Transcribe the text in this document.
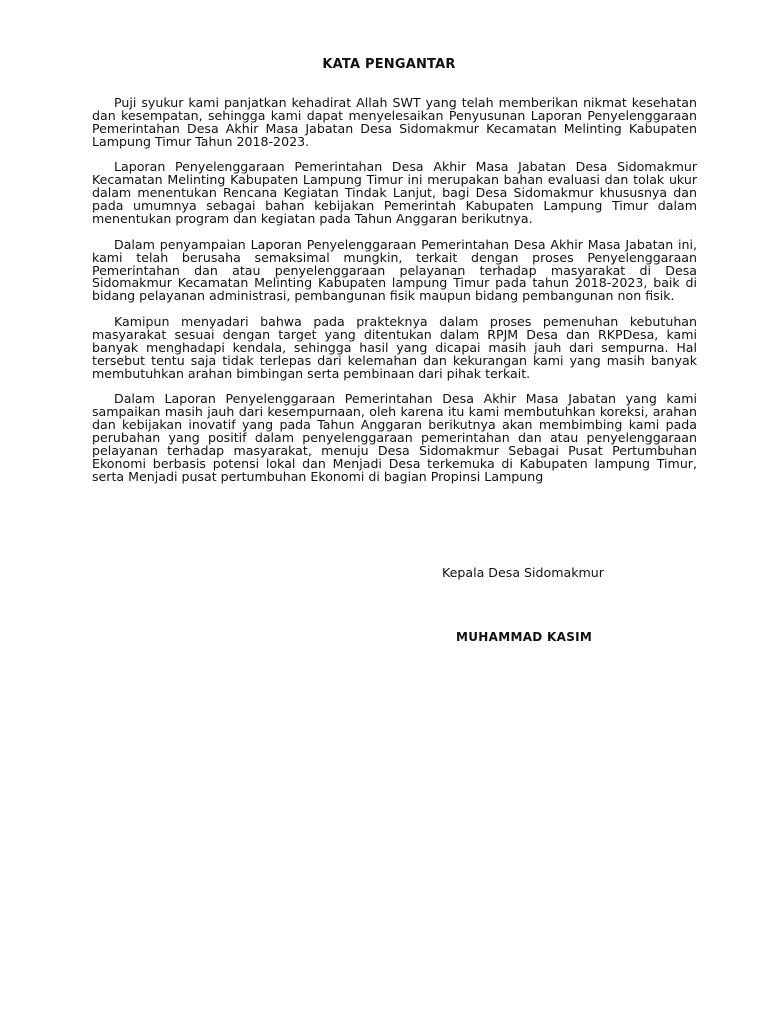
KATA PENGANTAR

Puji syukur kami panjatkan kehadirat Allah SWT yang telah memberikan nikmat kesehatan dan kesempatan, sehingga kami dapat menyelesaikan Penyusunan Laporan Penyelenggaraan Pemerintahan Desa Akhir Masa Jabatan Desa Sidomakmur Kecamatan Melinting Kabupaten Lampung Timur Tahun 2018-2023.

Laporan Penyelenggaraan Pemerintahan Desa Akhir Masa Jabatan Desa Sidomakmur Kecamatan Melinting Kabupaten Lampung Timur ini merupakan bahan evaluasi dan tolak ukur dalam menentukan Rencana Kegiatan Tindak Lanjut, bagi Desa Sidomakmur khususnya dan pada umumnya sebagai bahan kebijakan Pemerintah Kabupaten Lampung Timur dalam menentukan program dan kegiatan pada Tahun Anggaran berikutnya.

Dalam penyampaian Laporan Penyelenggaraan Pemerintahan Desa Akhir Masa Jabatan ini, kami telah berusaha semaksimal mungkin, terkait dengan proses Penyelenggaraan Pemerintahan dan atau penyelenggaraan pelayanan terhadap masyarakat di Desa Sidomakmur Kecamatan Melinting Kabupaten lampung Timur pada tahun 2018-2023, baik di bidang pelayanan administrasi, pembangunan fisik maupun bidang pembangunan non fisik.

Kamipun menyadari bahwa pada prakteknya dalam proses pemenuhan kebutuhan masyarakat sesuai dengan target yang ditentukan dalam RPJM Desa dan RKPDesa, kami banyak menghadapi kendala, sehingga hasil yang dicapai masih jauh dari sempurna. Hal tersebut tentu saja tidak terlepas dari kelemahan dan kekurangan kami yang masih banyak membutuhkan arahan bimbingan serta pembinaan dari pihak terkait.

Dalam Laporan Penyelenggaraan Pemerintahan Desa Akhir Masa Jabatan yang kami sampaikan masih jauh dari kesempurnaan, oleh karena itu kami membutuhkan koreksi, arahan dan kebijakan inovatif yang pada Tahun Anggaran berikutnya akan membimbing kami pada perubahan yang positif dalam penyelenggaraan pemerintahan dan atau penyelenggaraan pelayanan terhadap masyarakat, menuju Desa Sidomakmur Sebagai Pusat Pertumbuhan Ekonomi berbasis potensi lokal dan Menjadi Desa terkemuka di Kabupaten lampung Timur, serta Menjadi pusat pertumbuhan Ekonomi di bagian Propinsi Lampung

Kepala Desa Sidomakmur
MUHAMMAD KASIM
